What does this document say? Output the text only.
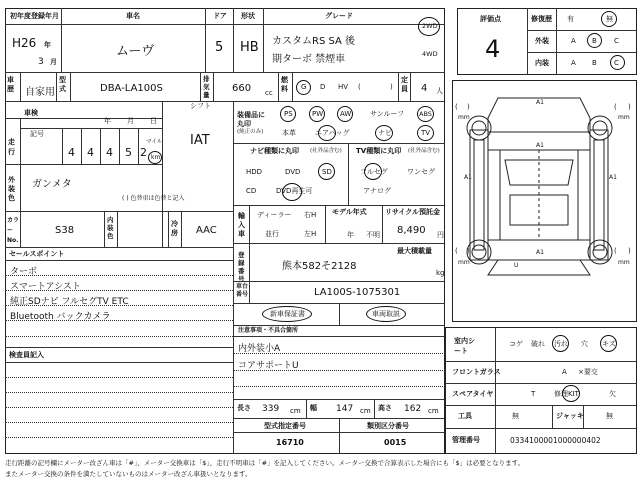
初年度登録年月
H26 年
3 月
車名
ムーヴ
ドア
5
形状
HB
グレード
カスタムRS SA 後
期ターボ 禁煙車
2WD
4WD
車歴	自家用
型式	DBA-LA100S
排気量
660 cc
燃料 G D HV (	)
定員 4 人
車検
年 月 日
走行
記号
4 4 4 5 2
マイル
km
シフト
IAT
外装色
ガンメタ
( ) 色替車は色替と記入
カラーNo.
S38
内装色
冷房 AAC
セールスポイント
ターボ
スマートアシスト
純正SDナビ フルセグTV ETC
Bluetooth バックカメラ
検査員記入
装備品に丸印
(純正のみ)
PS	PW AW	サンルーフ ABS
本革	エアバッグ	ナビ	TV
ナビ種類に丸印 (社外品含む)
HDD	DVD	SD
CD	DVD再生可
TV種類に丸印 (社外品含む)
フルセグ	ワンセグ
アナログ
輸入車
ディーラー
並行
右H
左H
モデル年式
年 不明
リサイクル預託金
8,490 円
登録番号
熊本582そ2128
最大積載量
kg
車台番号	LA100S-1075301
新車保証書	車両取説
注意事項・不具合箇所
内外装小A
コアサポートU
長さ 339 cm 幅 147 cm 高さ 162 cm
型式指定番号
16710
類別区分番号
0015
評価点
4
修復歴 有	無
外装	A B C
内装	A B C
( )
mm
( )
mm
( )
mm
( )
mm
A1
A1	A1
A1
A1
U
室内シート
コゲ 破れ 汚れ 穴 キズ
フロントガラス	A ×要交
スペアタイヤ	T	修理KIT	欠
工具	無	ジャッキ	無
管理番号	0334100001000000402
走行距離の記号欄にメーター改ざん車は「#」、メーター交換車は「$」、走行不明車は「#」を記入してください。メーター交換で合算表示した場合にも「$」は必要となります。
またメーター交換の条件を満たしていないものはメーター改ざん車扱いとなります。
